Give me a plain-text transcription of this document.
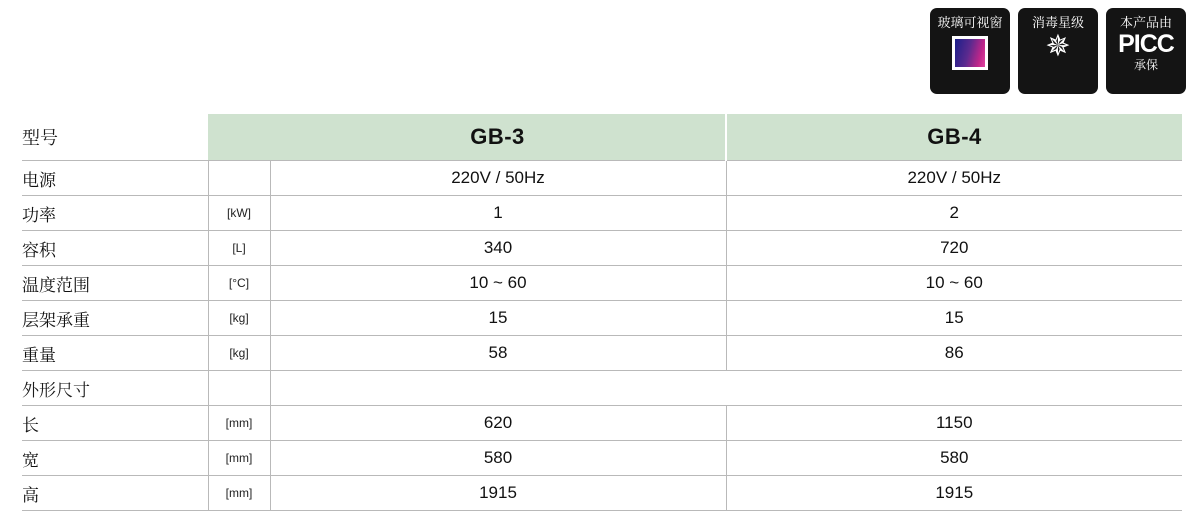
玻璃可视窗 消毒星级
✵
本产品由
PICC
承保
型号		GB-3	GB-4
电源		220V / 50Hz	220V / 50Hz
功率	[kW]	1	2
容积	[L]	340	720
温度范围	[°C]	10 ~ 60	10 ~ 60
层架承重	[kg]	15	15
重量	[kg]	58	86
外形尺寸			
长	[mm]	620	1150
宽	[mm]	580	580
高	[mm]	1915	1915
